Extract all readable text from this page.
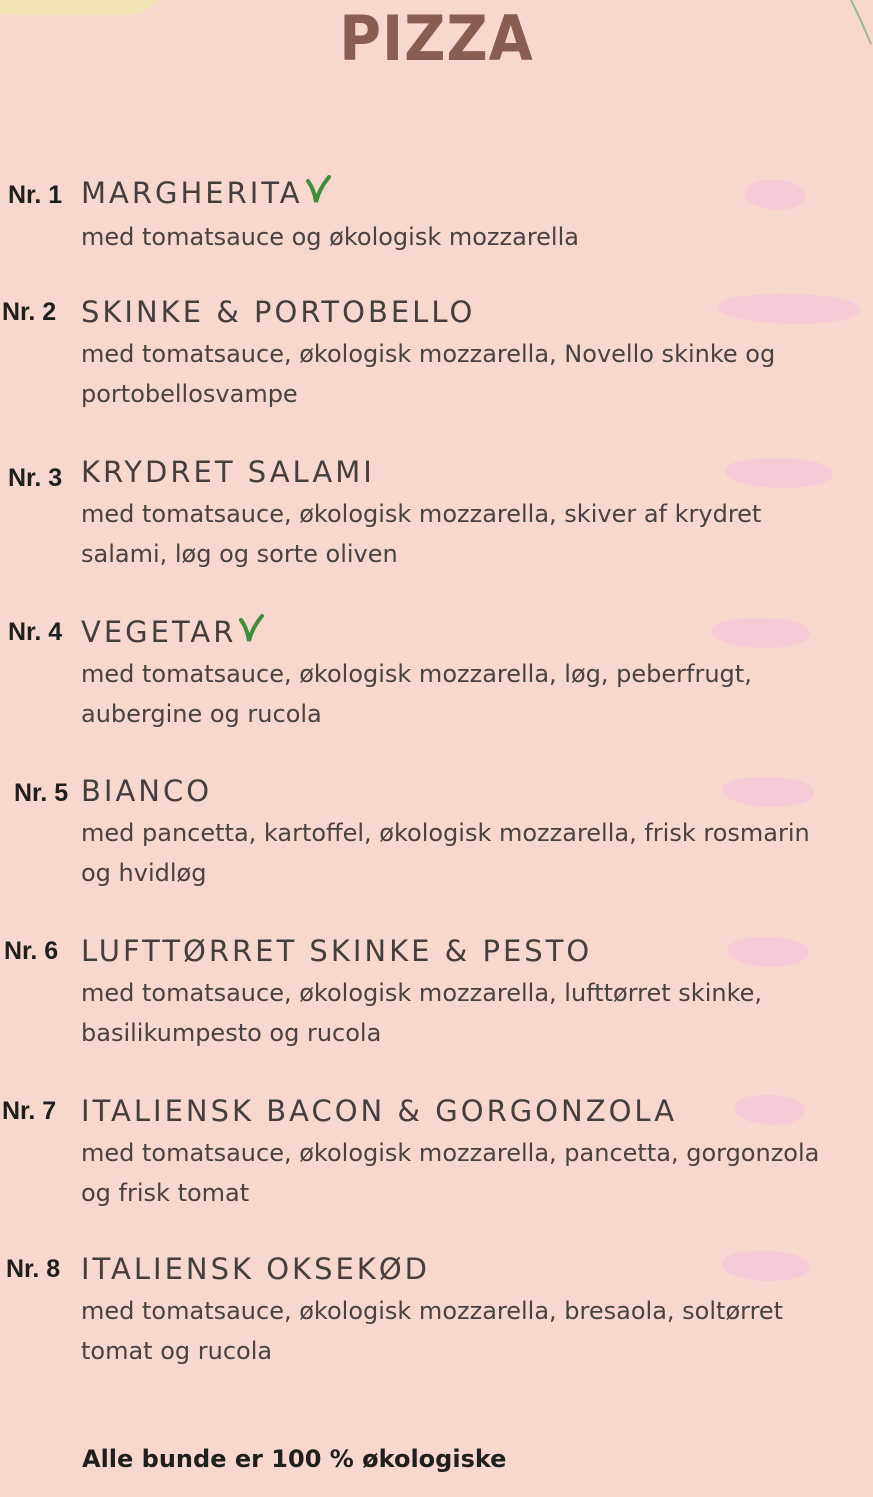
PIZZA
Nr. 1 MARGHERITA
med tomatsauce og økologisk mozzarella
Nr. 2 SKINKE & PORTOBELLO
med tomatsauce, økologisk mozzarella, Novello skinke og portobellosvampe
Nr. 3 KRYDRET SALAMI
med tomatsauce, økologisk mozzarella, skiver af krydret salami, løg og sorte oliven
Nr. 4 VEGETAR
med tomatsauce, økologisk mozzarella, løg, peberfrugt, aubergine og rucola
Nr. 5 BIANCO
med pancetta, kartoffel, økologisk mozzarella, frisk rosmarin og hvidløg
Nr. 6 LUFTTØRRET SKINKE & PESTO
med tomatsauce, økologisk mozzarella, lufttørret skinke, basilikumpesto og rucola
Nr. 7 ITALIENSK BACON & GORGONZOLA
med tomatsauce, økologisk mozzarella, pancetta, gorgonzola og frisk tomat
Nr. 8 ITALIENSK OKSEKØD
med tomatsauce, økologisk mozzarella, bresaola, soltørret tomat og rucola
Alle bunde er 100 % økologiske
